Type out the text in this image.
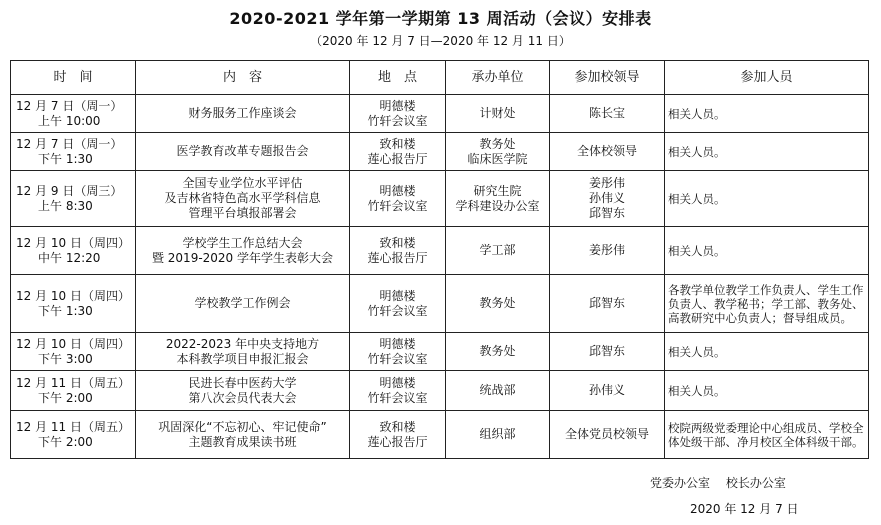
2020-2021 学年第一学期第 13 周活动（会议）安排表
（2020 年 12 月 7 日—2020 年 12 月 11 日）
时　间	内　容	地　点	承办单位	参加校领导	参加人员

12 月 7 日（周一）
上午 10:00	财务服务工作座谈会	明德楼
竹轩会议室	计财处	陈长宝	相关人员。

12 月 7 日（周一）
下午 1:30	医学教育改革专题报告会	致和楼
莲心报告厅	教务处
临床医学院	全体校领导	相关人员。

12 月 9 日（周三）
上午 8:30	全国专业学位水平评估
及吉林省特色高水平学科信息
管理平台填报部署会	明德楼
竹轩会议室	研究生院
学科建设办公室	姜彤伟
孙伟义
邱智东	相关人员。

12 月 10 日（周四）
中午 12:20	学校学生工作总结大会
暨 2019-2020 学年学生表彰大会	致和楼
莲心报告厅	学工部	姜彤伟	相关人员。

12 月 10 日（周四）
下午 1:30	学校教学工作例会	明德楼
竹轩会议室	教务处	邱智东	各教学单位教学工作负责人、学生工作负责人、教学秘书；学工部、教务处、高教研究中心负责人；督导组成员。

12 月 10 日（周四）
下午 3:00	2022-2023 年中央支持地方
本科教学项目申报汇报会	明德楼
竹轩会议室	教务处	邱智东	相关人员。

12 月 11 日（周五）
下午 2:00	民进长春中医药大学
第八次会员代表大会	明德楼
竹轩会议室	统战部	孙伟义	相关人员。

12 月 11 日（周五）
下午 2:00	巩固深化“不忘初心、牢记使命”
主题教育成果读书班	致和楼
莲心报告厅	组织部	全体党员校领导	校院两级党委理论中心组成员、学校全体处级干部、净月校区全体科级干部。
党委办公室　 校长办公室
2020 年 12 月 7 日
